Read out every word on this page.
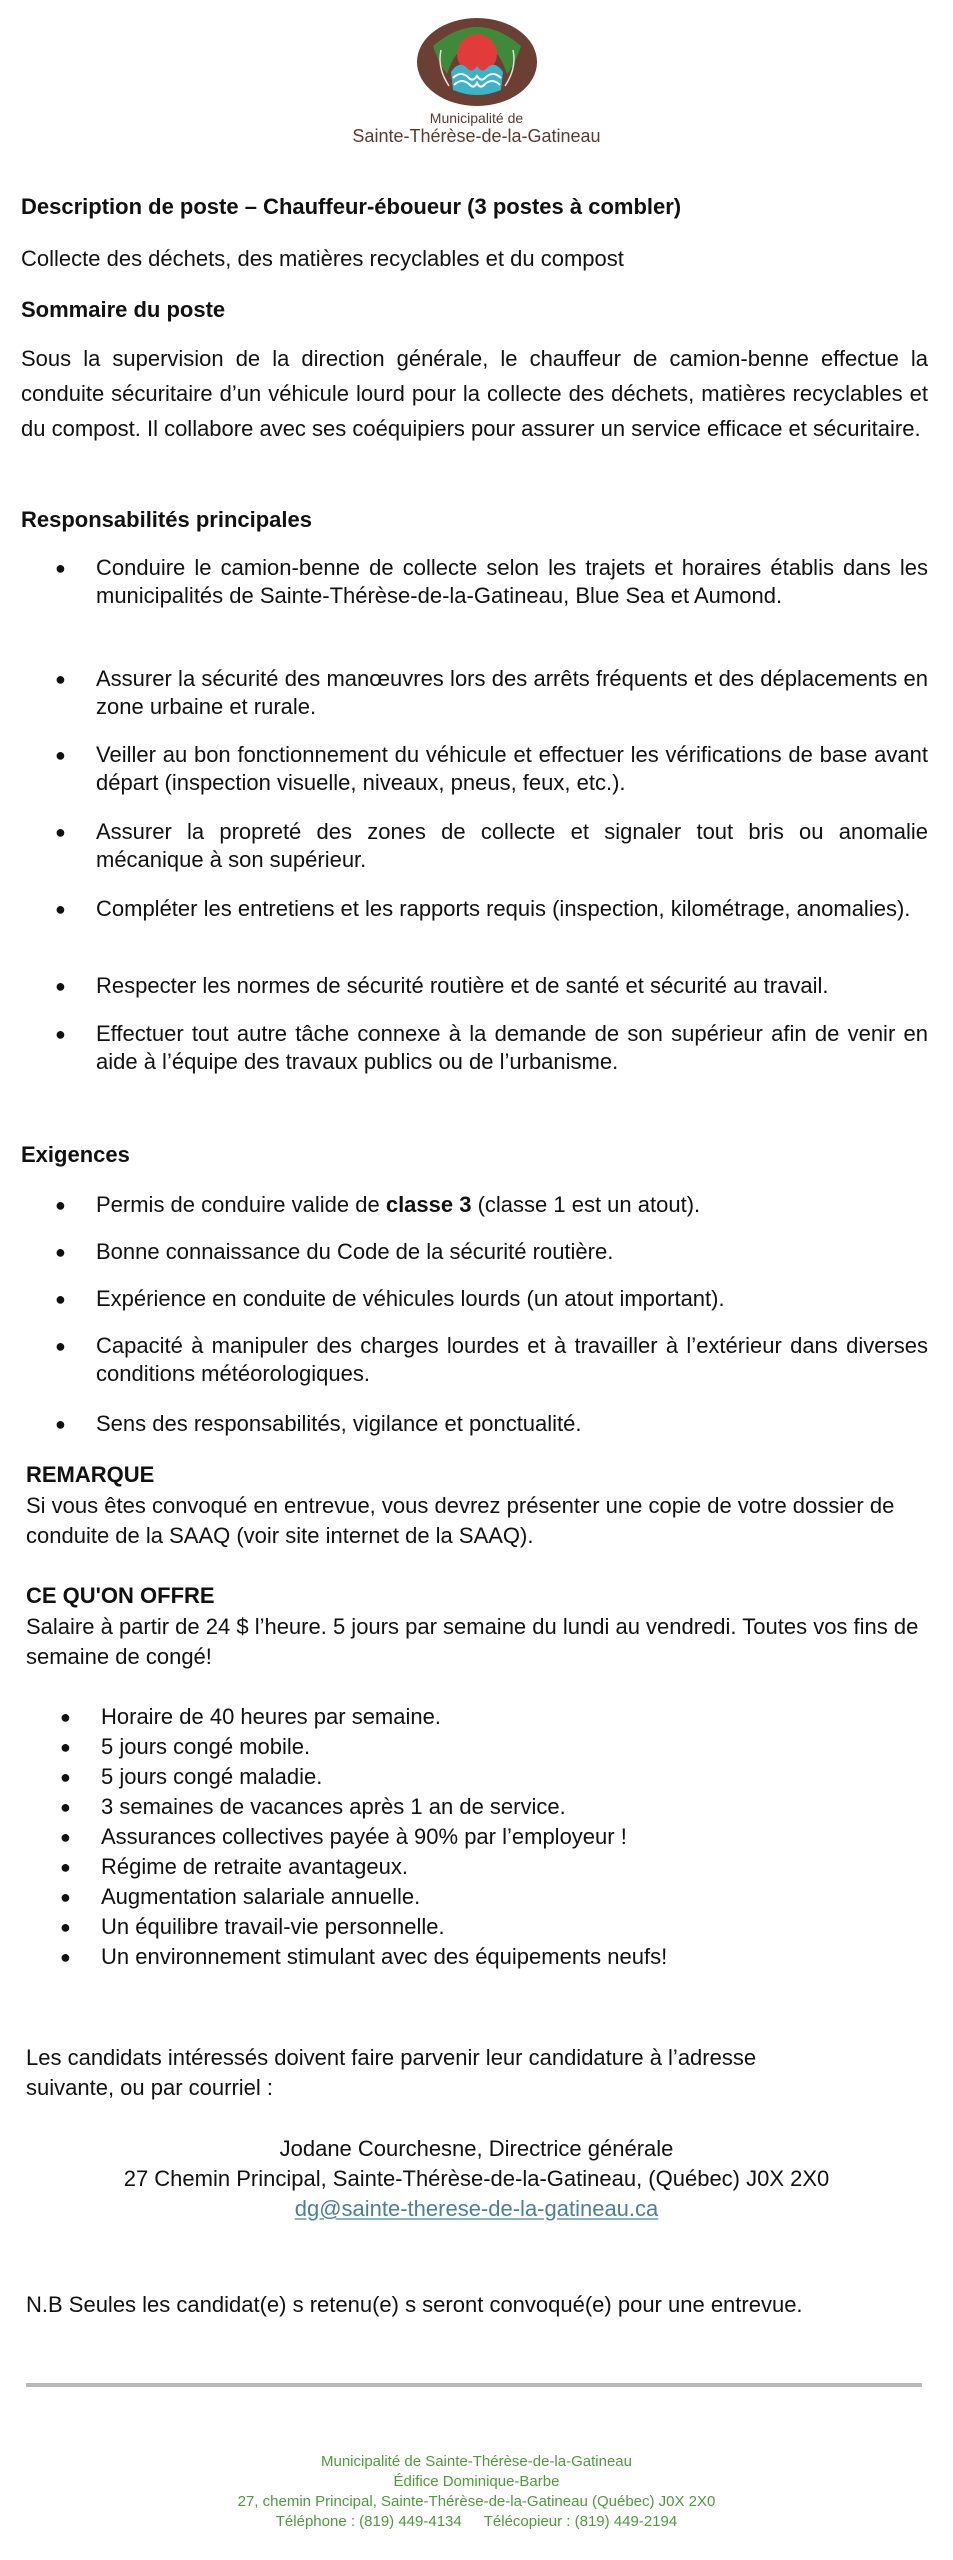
Municipalité de
Sainte-Thérèse-de-la-Gatineau
Description de poste – Chauffeur-éboueur (3 postes à combler)
Collecte des déchets, des matières recyclables et du compost
Sommaire du poste
Sous la supervision de la direction générale, le chauffeur de camion-benne effectue la conduite sécuritaire d’un véhicule lourd pour la collecte des déchets, matières recyclables et du compost. Il collabore avec ses coéquipiers pour assurer un service efficace et sécuritaire.
Responsabilités principales
● Conduire le camion-benne de collecte selon les trajets et horaires établis dans les municipalités de Sainte-Thérèse-de-la-Gatineau, Blue Sea et Aumond.
● Assurer la sécurité des manœuvres lors des arrêts fréquents et des déplacements en zone urbaine et rurale.
● Veiller au bon fonctionnement du véhicule et effectuer les vérifications de base avant départ (inspection visuelle, niveaux, pneus, feux, etc.).
● Assurer la propreté des zones de collecte et signaler tout bris ou anomalie mécanique à son supérieur.
● Compléter les entretiens et les rapports requis (inspection, kilométrage, anomalies).
● Respecter les normes de sécurité routière et de santé et sécurité au travail.
● Effectuer tout autre tâche connexe à la demande de son supérieur afin de venir en aide à l’équipe des travaux publics ou de l’urbanisme.
Exigences
● Permis de conduire valide de classe 3 (classe 1 est un atout).
● Bonne connaissance du Code de la sécurité routière.
● Expérience en conduite de véhicules lourds (un atout important).
● Capacité à manipuler des charges lourdes et à travailler à l’extérieur dans diverses conditions météorologiques.
● Sens des responsabilités, vigilance et ponctualité.
REMARQUE
Si vous êtes convoqué en entrevue, vous devrez présenter une copie de votre dossier de conduite de la SAAQ (voir site internet de la SAAQ).
CE QU'ON OFFRE
Salaire à partir de 24 $ l’heure. 5 jours par semaine du lundi au vendredi. Toutes vos fins de semaine de congé!
● Horaire de 40 heures par semaine.
● 5 jours congé mobile.
● 5 jours congé maladie.
● 3 semaines de vacances après 1 an de service.
● Assurances collectives payée à 90% par l’employeur !
● Régime de retraite avantageux.
● Augmentation salariale annuelle.
● Un équilibre travail-vie personnelle.
● Un environnement stimulant avec des équipements neufs!
Les candidats intéressés doivent faire parvenir leur candidature à l’adresse suivante, ou par courriel :
Jodane Courchesne, Directrice générale
27 Chemin Principal, Sainte-Thérèse-de-la-Gatineau, (Québec) J0X 2X0
dg@sainte-therese-de-la-gatineau.ca
N.B Seules les candidat(e) s retenu(e) s seront convoqué(e) pour une entrevue.
Municipalité de Sainte-Thérèse-de-la-Gatineau
Édifice Dominique-Barbe
27, chemin Principal, Sainte-Thérèse-de-la-Gatineau (Québec) J0X 2X0
Téléphone : (819) 449-4134 Télécopieur : (819) 449-2194
